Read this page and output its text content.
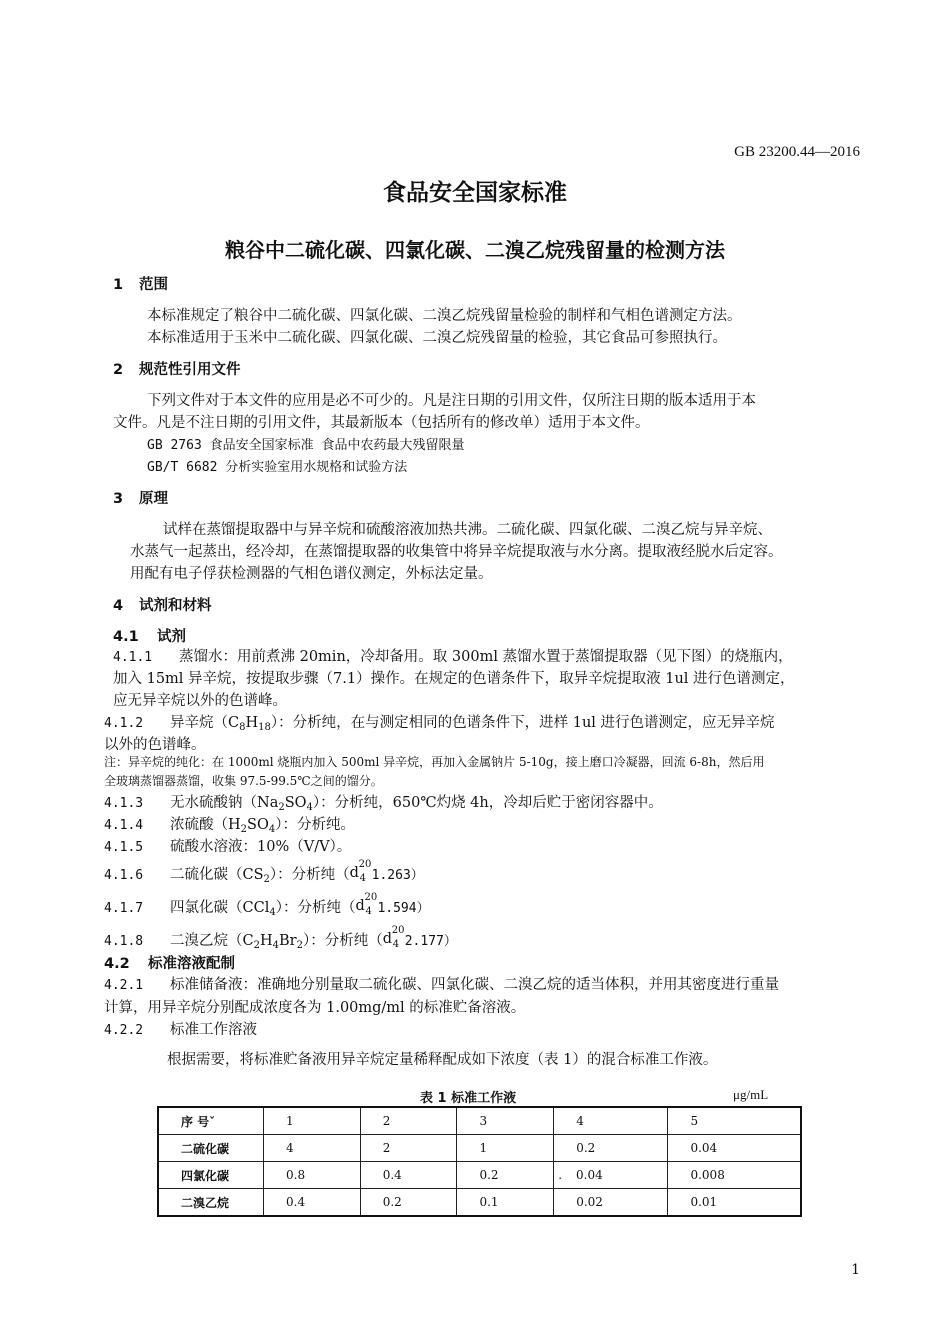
GB 23200.44—2016
食品安全国家标准
粮谷中二硫化碳、四氯化碳、二溴乙烷残留量的检测方法
1 范围
本标准规定了粮谷中二硫化碳、四氯化碳、二溴乙烷残留量检验的制样和气相色谱测定方法。
本标准适用于玉米中二硫化碳、四氯化碳、二溴乙烷残留量的检验，其它食品可参照执行。
2 规范性引用文件
下列文件对于本文件的应用是必不可少的。凡是注日期的引用文件，仅所注日期的版本适用于本
文件。凡是不注日期的引用文件，其最新版本（包括所有的修改单）适用于本文件。
GB 2763 食品安全国家标准 食品中农药最大残留限量
GB/T 6682 分析实验室用水规格和试验方法
3 原理
试样在蒸馏提取器中与异辛烷和硫酸溶液加热共沸。二硫化碳、四氯化碳、二溴乙烷与异辛烷、
水蒸气一起蒸出，经冷却，在蒸馏提取器的收集管中将异辛烷提取液与水分离。提取液经脱水后定容。
用配有电子俘获检测器的气相色谱仪测定，外标法定量。
4 试剂和材料
4.1 试剂
4.1.1 蒸馏水：用前煮沸 20min，冷却备用。取 300ml 蒸馏水置于蒸馏提取器（见下图）的烧瓶内，
加入 15ml 异辛烷，按提取步骤（7.1）操作。在规定的色谱条件下，取异辛烷提取液 1ul 进行色谱测定，
应无异辛烷以外的色谱峰。
4.1.2 异辛烷$(C_8H_{18})$：分析纯，在与测定相同的色谱条件下，进样 1ul 进行色谱测定，应无异辛烷
以外的色谱峰。
注：异辛烷的纯化：在 1000ml 烧瓶内加入 500ml 异辛烷，再加入金属钠片 5-10g，接上磨口冷凝器，回流 6-8h，然后用
全玻璃蒸馏器蒸馏，收集 97.5-99.5℃之间的馏分。
4.1.3 无水硫酸钠$(Na_2SO_4)$：分析纯，650℃灼烧 4h，冷却后贮于密闭容器中。
4.1.4 浓硫酸$(H_2SO_4)$：分析纯。
4.1.5 硫酸水溶液：10%（V/V）。
4.1.6 二硫化碳$(CS_2)$：分析纯（ d
20
4 1.263）
4.1.7 四氯化碳（CCl$_4$）：分析纯（ d
20
4 1.594）
4.1.8 二溴乙烷$(C_2H_4Br_2)$：分析纯（ d
20
4 2.177）
4.2 标准溶液配制
4.2.1 标准储备液：准确地分别量取二硫化碳、四氯化碳、二溴乙烷的适当体积，并用其密度进行重量
计算，用异辛烷分别配成浓度各为 1.00mg/ml 的标准贮备溶液。
4.2.2 标准工作溶液
根据需要，将标准贮备液用异辛烷定量稀释配成如下浓度（表 1）的混合标准工作液。
表 1 标准工作液	μg/mL
序 号ˇ	1	2	3	4	5
二硫化碳	4	2	1	0.2	0.04
四氯化碳	0.8	0.4	0.2	. 0.04	0.008
二溴乙烷	0.4	0.2	0.1	0.02	0.01
1
